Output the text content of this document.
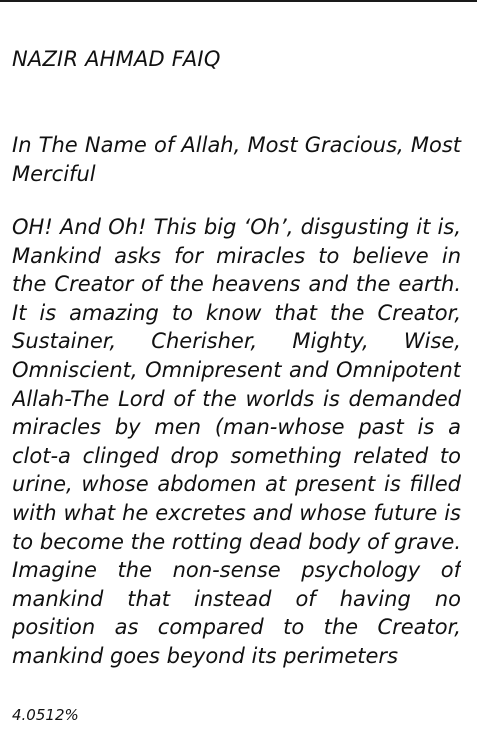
NAZIR AHMAD FAIQ

In The Name of Allah, Most Gracious, Most Merciful

OH! And Oh! This big ‘Oh’, disgusting it is, Mankind asks for miracles to believe in the Creator of the heavens and the earth. It is amazing to know that the Creator, Sustainer, Cherisher, Mighty, Wise, Omniscient, Omnipresent and Omnipotent Allah-The Lord of the worlds is demanded miracles by men (man-whose past is a clot-a clinged drop something related to urine, whose abdomen at present is filled with what he excretes and whose future is to become the rotting dead body of grave. Imagine the non-sense psychology of mankind that instead of having no position as compared to the Creator, mankind goes beyond its perimeters

4.0512%
